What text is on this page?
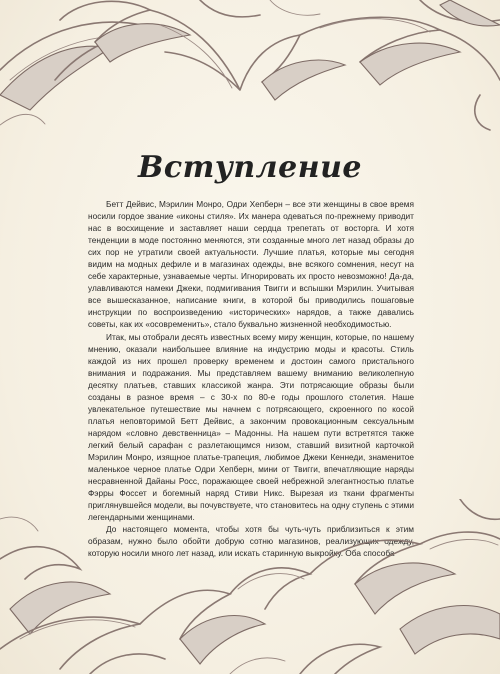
Вступление

Бетт Дейвис, Мэрилин Монро, Одри Хепберн – все эти женщины в свое время носили гордое звание «иконы стиля». Их манера одеваться по-прежнему приводит нас в восхищение и заставляет наши сердца трепетать от восторга. И хотя тенденции в моде постоянно меняются, эти созданные много лет назад образы до сих пор не утратили своей актуальности. Лучшие платья, которые мы сегодня видим на модных дефиле и в магазинах одежды, вне всякого сомнения, несут на себе характерные, узнаваемые черты. Игнорировать их просто невозможно! Да-да, улавливаются намеки Джеки, подмигивания Твигги и вспышки Мэрилин. Учитывая все вышесказанное, написание книги, в которой бы приводились пошаговые инструкции по воспроизведению «исторических» нарядов, а также давались советы, как их «осовременить», стало буквально жизненной необходимостью.

Итак, мы отобрали десять известных всему миру женщин, которые, по нашему мнению, оказали наибольшее влияние на индустрию моды и красоты. Стиль каждой из них прошел проверку временем и достоин самого пристального внимания и подражания. Мы представляем вашему вниманию великолепную десятку платьев, ставших классикой жанра. Эти потрясающие образы были созданы в разное время – с 30-х по 80-е годы прошлого столетия. Наше увлекательное путешествие мы начнем с потрясающего, скроенного по косой платья неповторимой Бетт Дейвис, а закончим провокационным сексуальным нарядом «словно девственница» – Мадонны. На нашем пути встретятся также легкий белый сарафан с разлетающимся низом, ставший визитной карточкой Мэрилин Монро, изящное платье-трапеция, любимое Джеки Кеннеди, знаменитое маленькое черное платье Одри Хепберн, мини от Твигги, впечатляющие наряды несравненной Дайаны Росс, поражающее своей небрежной элегантностью платье Фэрры Фоссет и богемный наряд Стиви Никс. Вырезая из ткани фрагменты приглянувшейся модели, вы почувствуете, что становитесь на одну ступень с этими легендарными женщинами.

До настоящего момента, чтобы хотя бы чуть-чуть приблизиться к этим образам, нужно было обойти добрую сотню магазинов, реализующих одежду, которую носили много лет назад, или искать старинную выкройку. Оба способа
